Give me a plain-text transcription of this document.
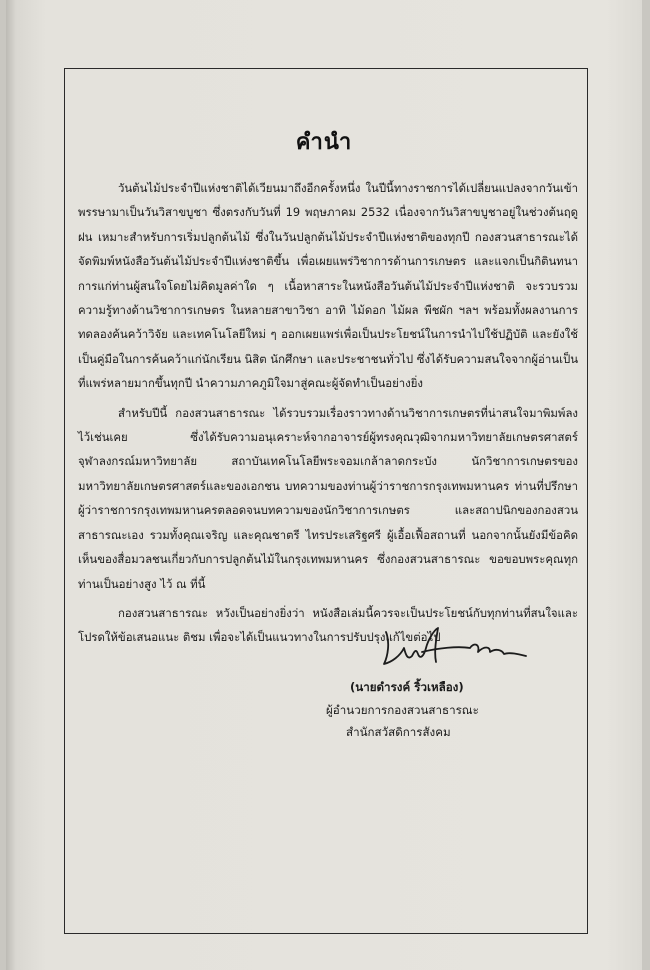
คำนำ

วันต้นไม้ประจำปีแห่งชาติได้เวียนมาถึงอีกครั้งหนึ่ง ในปีนี้ทางราชการได้เปลี่ยนแปลงจากวันเข้าพรรษามาเป็นวันวิสาขบูชา ซึ่งตรงกับวันที่ 19 พฤษภาคม 2532 เนื่องจากวันวิสาขบูชาอยู่ในช่วงต้นฤดูฝน เหมาะสำหรับการเริ่มปลูกต้นไม้ ซึ่งในวันปลูกต้นไม้ประจำปีแห่งชาติของทุกปี กองสวนสาธารณะได้จัดพิมพ์หนังสือวันต้นไม้ประจำปีแห่งชาติขึ้น เพื่อเผยแพร่วิชาการด้านการเกษตร และแจกเป็นกิตินทนาการแก่ท่านผู้สนใจโดยไม่คิดมูลค่าใด ๆ เนื้อหาสาระในหนังสือวันต้นไม้ประจำปีแห่งชาติ จะรวบรวมความรู้ทางด้านวิชาการเกษตร ในหลายสาขาวิชา อาทิ ไม้ดอก ไม้ผล พืชผัก ฯลฯ พร้อมทั้งผลงานการทดลองค้นคว้าวิจัย และเทคโนโลยีใหม่ ๆ ออกเผยแพร่เพื่อเป็นประโยชน์ในการนำไปใช้ปฏิบัติ และยังใช้เป็นคู่มือในการค้นคว้าแก่นักเรียน นิสิต นักศึกษา และประชาชนทั่วไป ซึ่งได้รับความสนใจจากผู้อ่านเป็นที่แพร่หลายมากขึ้นทุกปี นำความภาคภูมิใจมาสู่คณะผู้จัดทำเป็นอย่างยิ่ง

สำหรับปีนี้ กองสวนสาธารณะ ได้รวบรวมเรื่องราวทางด้านวิชาการเกษตรที่น่าสนใจมาพิมพ์ลงไว้เช่นเคย ซึ่งได้รับความอนุเคราะห์จากอาจารย์ผู้ทรงคุณวุฒิจากมหาวิทยาลัยเกษตรศาสตร์ จุฬาลงกรณ์มหาวิทยาลัย สถาบันเทคโนโลยีพระจอมเกล้าลาดกระบัง นักวิชาการเกษตรของมหาวิทยาลัยเกษตรศาสตร์และของเอกชน บทความของท่านผู้ว่าราชการกรุงเทพมหานคร ท่านที่ปรึกษาผู้ว่าราชการกรุงเทพมหานครตลอดจนบทความของนักวิชาการเกษตร และสถาปนิกของกองสวนสาธารณะเอง รวมทั้งคุณเจริญ และคุณชาตรี ไทรประเสริฐศรี ผู้เอื้อเฟื้อสถานที่ นอกจากนั้นยังมีข้อคิดเห็นของสื่อมวลชนเกี่ยวกับการปลูกต้นไม้ในกรุงเทพมหานคร ซึ่งกองสวนสาธารณะ ขอขอบพระคุณทุกท่านเป็นอย่างสูง ไว้ ณ ที่นี้

กองสวนสาธารณะ หวังเป็นอย่างยิ่งว่า หนังสือเล่มนี้ควรจะเป็นประโยชน์กับทุกท่านที่สนใจและโปรดให้ข้อเสนอแนะ ติชม เพื่อจะได้เป็นแนวทางในการปรับปรุงแก้ไขต่อไป

(นายดำรงค์ ริ้วเหลือง)
ผู้อำนวยการกองสวนสาธารณะ
สำนักสวัสดิการสังคม
